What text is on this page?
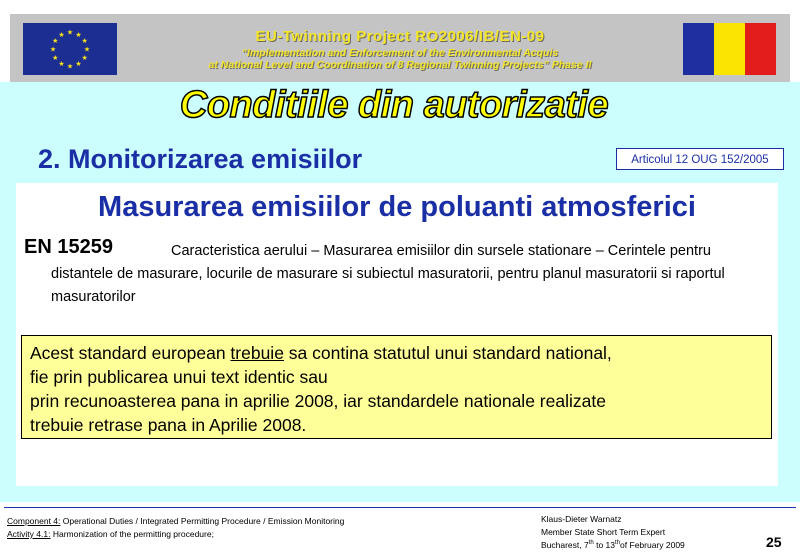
★ ★
★
★
★
★
★
★
★
★
★
★	EU-Twinning Project RO2006/IB/EN-09
“Implementation and Enforcement of the Environmental Acquis
at National Level and Coordination of 8 Regional Twinning Projects” Phase II
Conditiile din autorizatie
2. Monitorizarea emisiilor	Articolul 12 OUG 152/2005
Masurarea emisiilor de poluanti atmosferici
EN 15259	Caracteristica aerului – Masurarea emisiilor din sursele stationare – Cerintele pentru distantele de masurare, locurile de masurare si subiectul masuratorii, pentru planul masuratorii si raportul masuratorilor
Acest standard european trebuie sa contina statutul unui standard national,
fie prin publicarea unui text identic sau
prin recunoasterea pana in aprilie 2008, iar standardele nationale realizate
trebuie retrase pana in Aprilie 2008.
Component 4: Operational Duties / Integrated Permitting Procedure / Emission Monitoring
Activity 4.1: Harmonization of the permitting procedure;
Klaus-Dieter Warnatz
Member State Short Term Expert
Bucharest, 7th to 13thof February 2009	25
